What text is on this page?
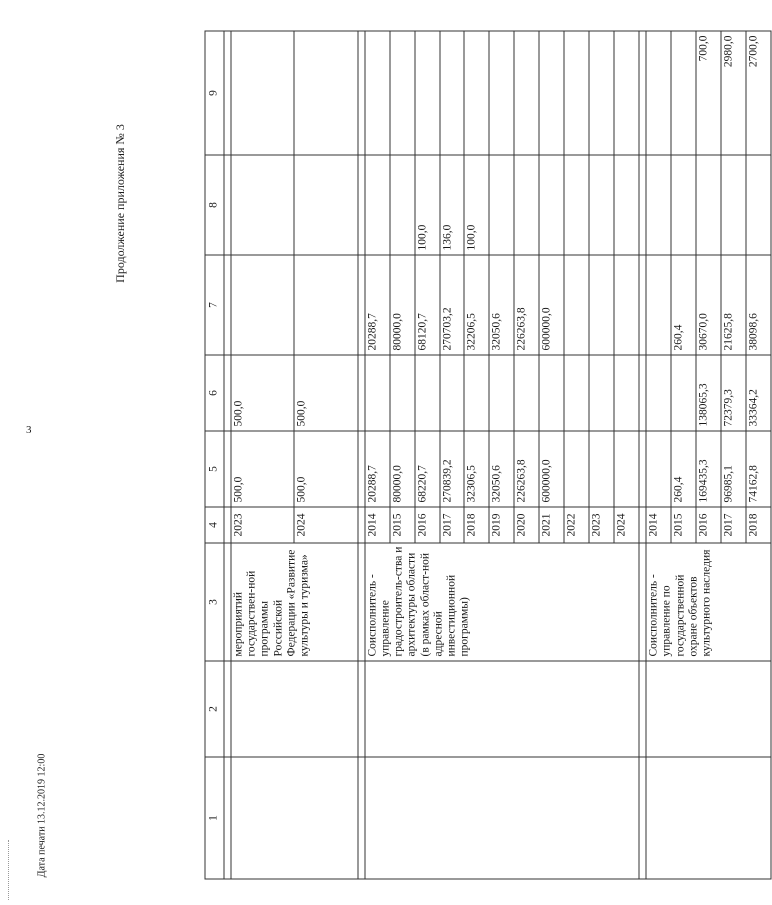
3
Продолжение приложения № 3
Дата печати 13.12.2019 12:00	1	2	3	4	5	6	7	8	9

		мероприятий государствен-ной программы Российской Федерации «Развитие культуры и туризма»	2023	500,0	500,0			
			2024	500,0	500,0			

		Соисполнитель - управление градостроитель-ства и архитектуры области (в рамках област-ной адресной инвестиционной программы)	2014	20288,7		20288,7		
			2015	80000,0		80000,0		
			2016	68220,7		68120,7	100,0	
			2017	270839,2		270703,2	136,0	
			2018	32306,5		32206,5	100,0	
			2019	32050,6		32050,6		
			2020	226263,8		226263,8		
			2021	600000,0		600000,0		
			2022					
			2023					
			2024					

		Соисполнитель - управление по государственной охране объектов культурного наследия	2014					
			2015	260,4		260,4		
			2016	169435,3	138065,3	30670,0		700,0
			2017	96985,1	72379,3	21625,8		2980,0
			2018	74162,8	33364,2	38098,6		2700,0
